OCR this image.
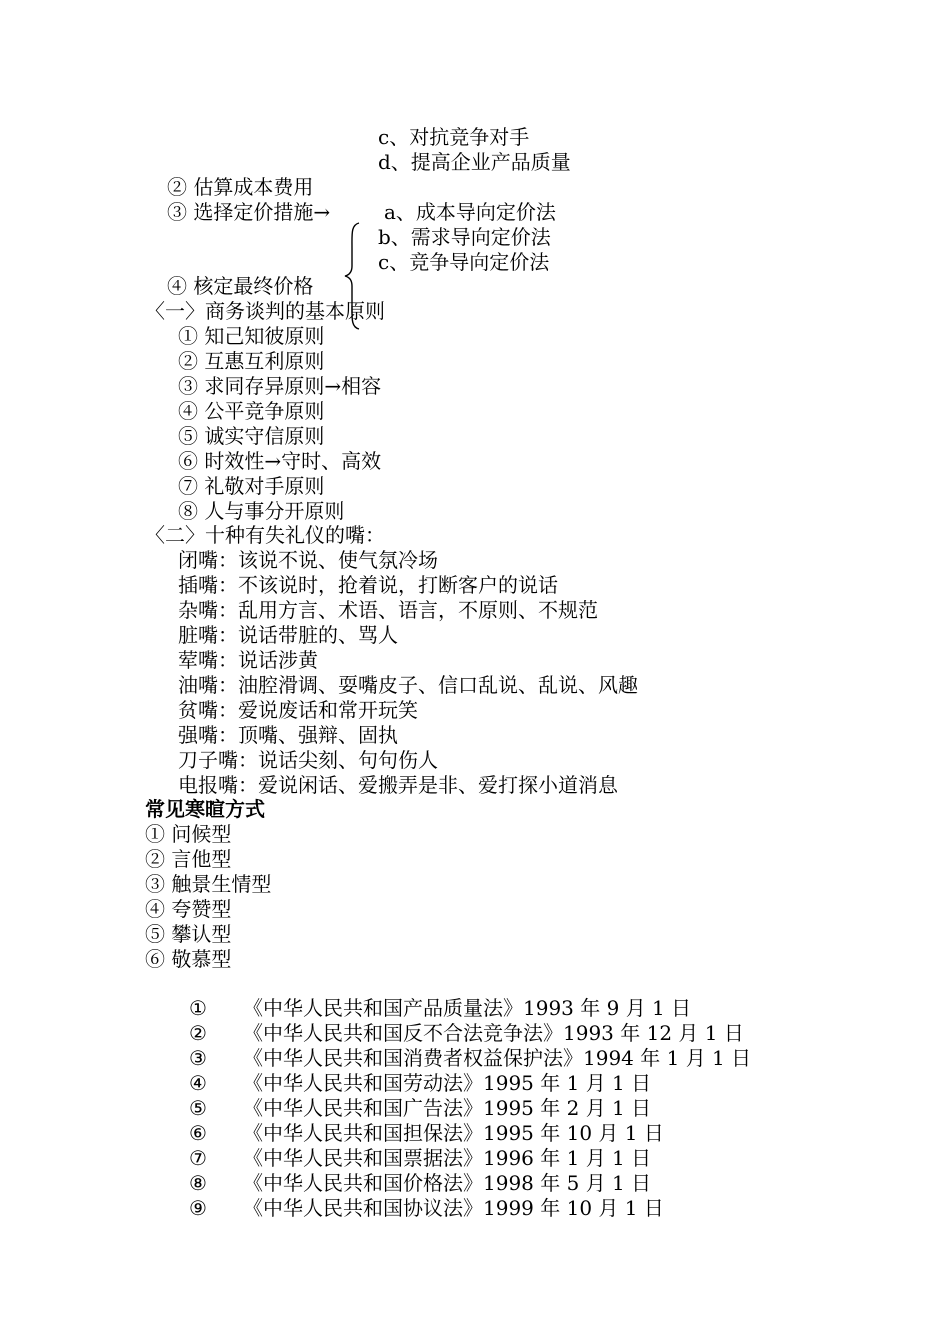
c、对抗竞争对手
d、提高企业产品质量
② 估算成本费用
③ 选择定价措施→	a、成本导向定价法
b、需求导向定价法
c、竞争导向定价法
④ 核定最终价格
〈一〉商务谈判的基本原则
① 知己知彼原则
② 互惠互利原则
③ 求同存异原则→相容
④ 公平竞争原则
⑤ 诚实守信原则
⑥ 时效性→守时、高效
⑦ 礼敬对手原则
⑧ 人与事分开原则
〈二〉十种有失礼仪的嘴：
闭嘴：该说不说、使气氛冷场
插嘴：不该说时，抢着说，打断客户的说话
杂嘴：乱用方言、术语、语言，不原则、不规范
脏嘴：说话带脏的、骂人
荤嘴：说话涉黄
油嘴：油腔滑调、耍嘴皮子、信口乱说、乱说、风趣
贫嘴：爱说废话和常开玩笑
强嘴：顶嘴、强辩、固执
刀子嘴：说话尖刻、句句伤人
电报嘴：爱说闲话、爱搬弄是非、爱打探小道消息
常见寒暄方式
① 问候型
② 言他型
③ 触景生情型
④ 夸赞型
⑤ 攀认型
⑥ 敬慕型
① 《中华人民共和国产品质量法》1993 年 9 月 1 日
② 《中华人民共和国反不合法竞争法》1993 年 12 月 1 日
③ 《中华人民共和国消费者权益保护法》1994 年 1 月 1 日
④ 《中华人民共和国劳动法》1995 年 1 月 1 日
⑤ 《中华人民共和国广告法》1995 年 2 月 1 日
⑥ 《中华人民共和国担保法》1995 年 10 月 1 日
⑦ 《中华人民共和国票据法》1996 年 1 月 1 日
⑧ 《中华人民共和国价格法》1998 年 5 月 1 日
⑨ 《中华人民共和国协议法》1999 年 10 月 1 日
